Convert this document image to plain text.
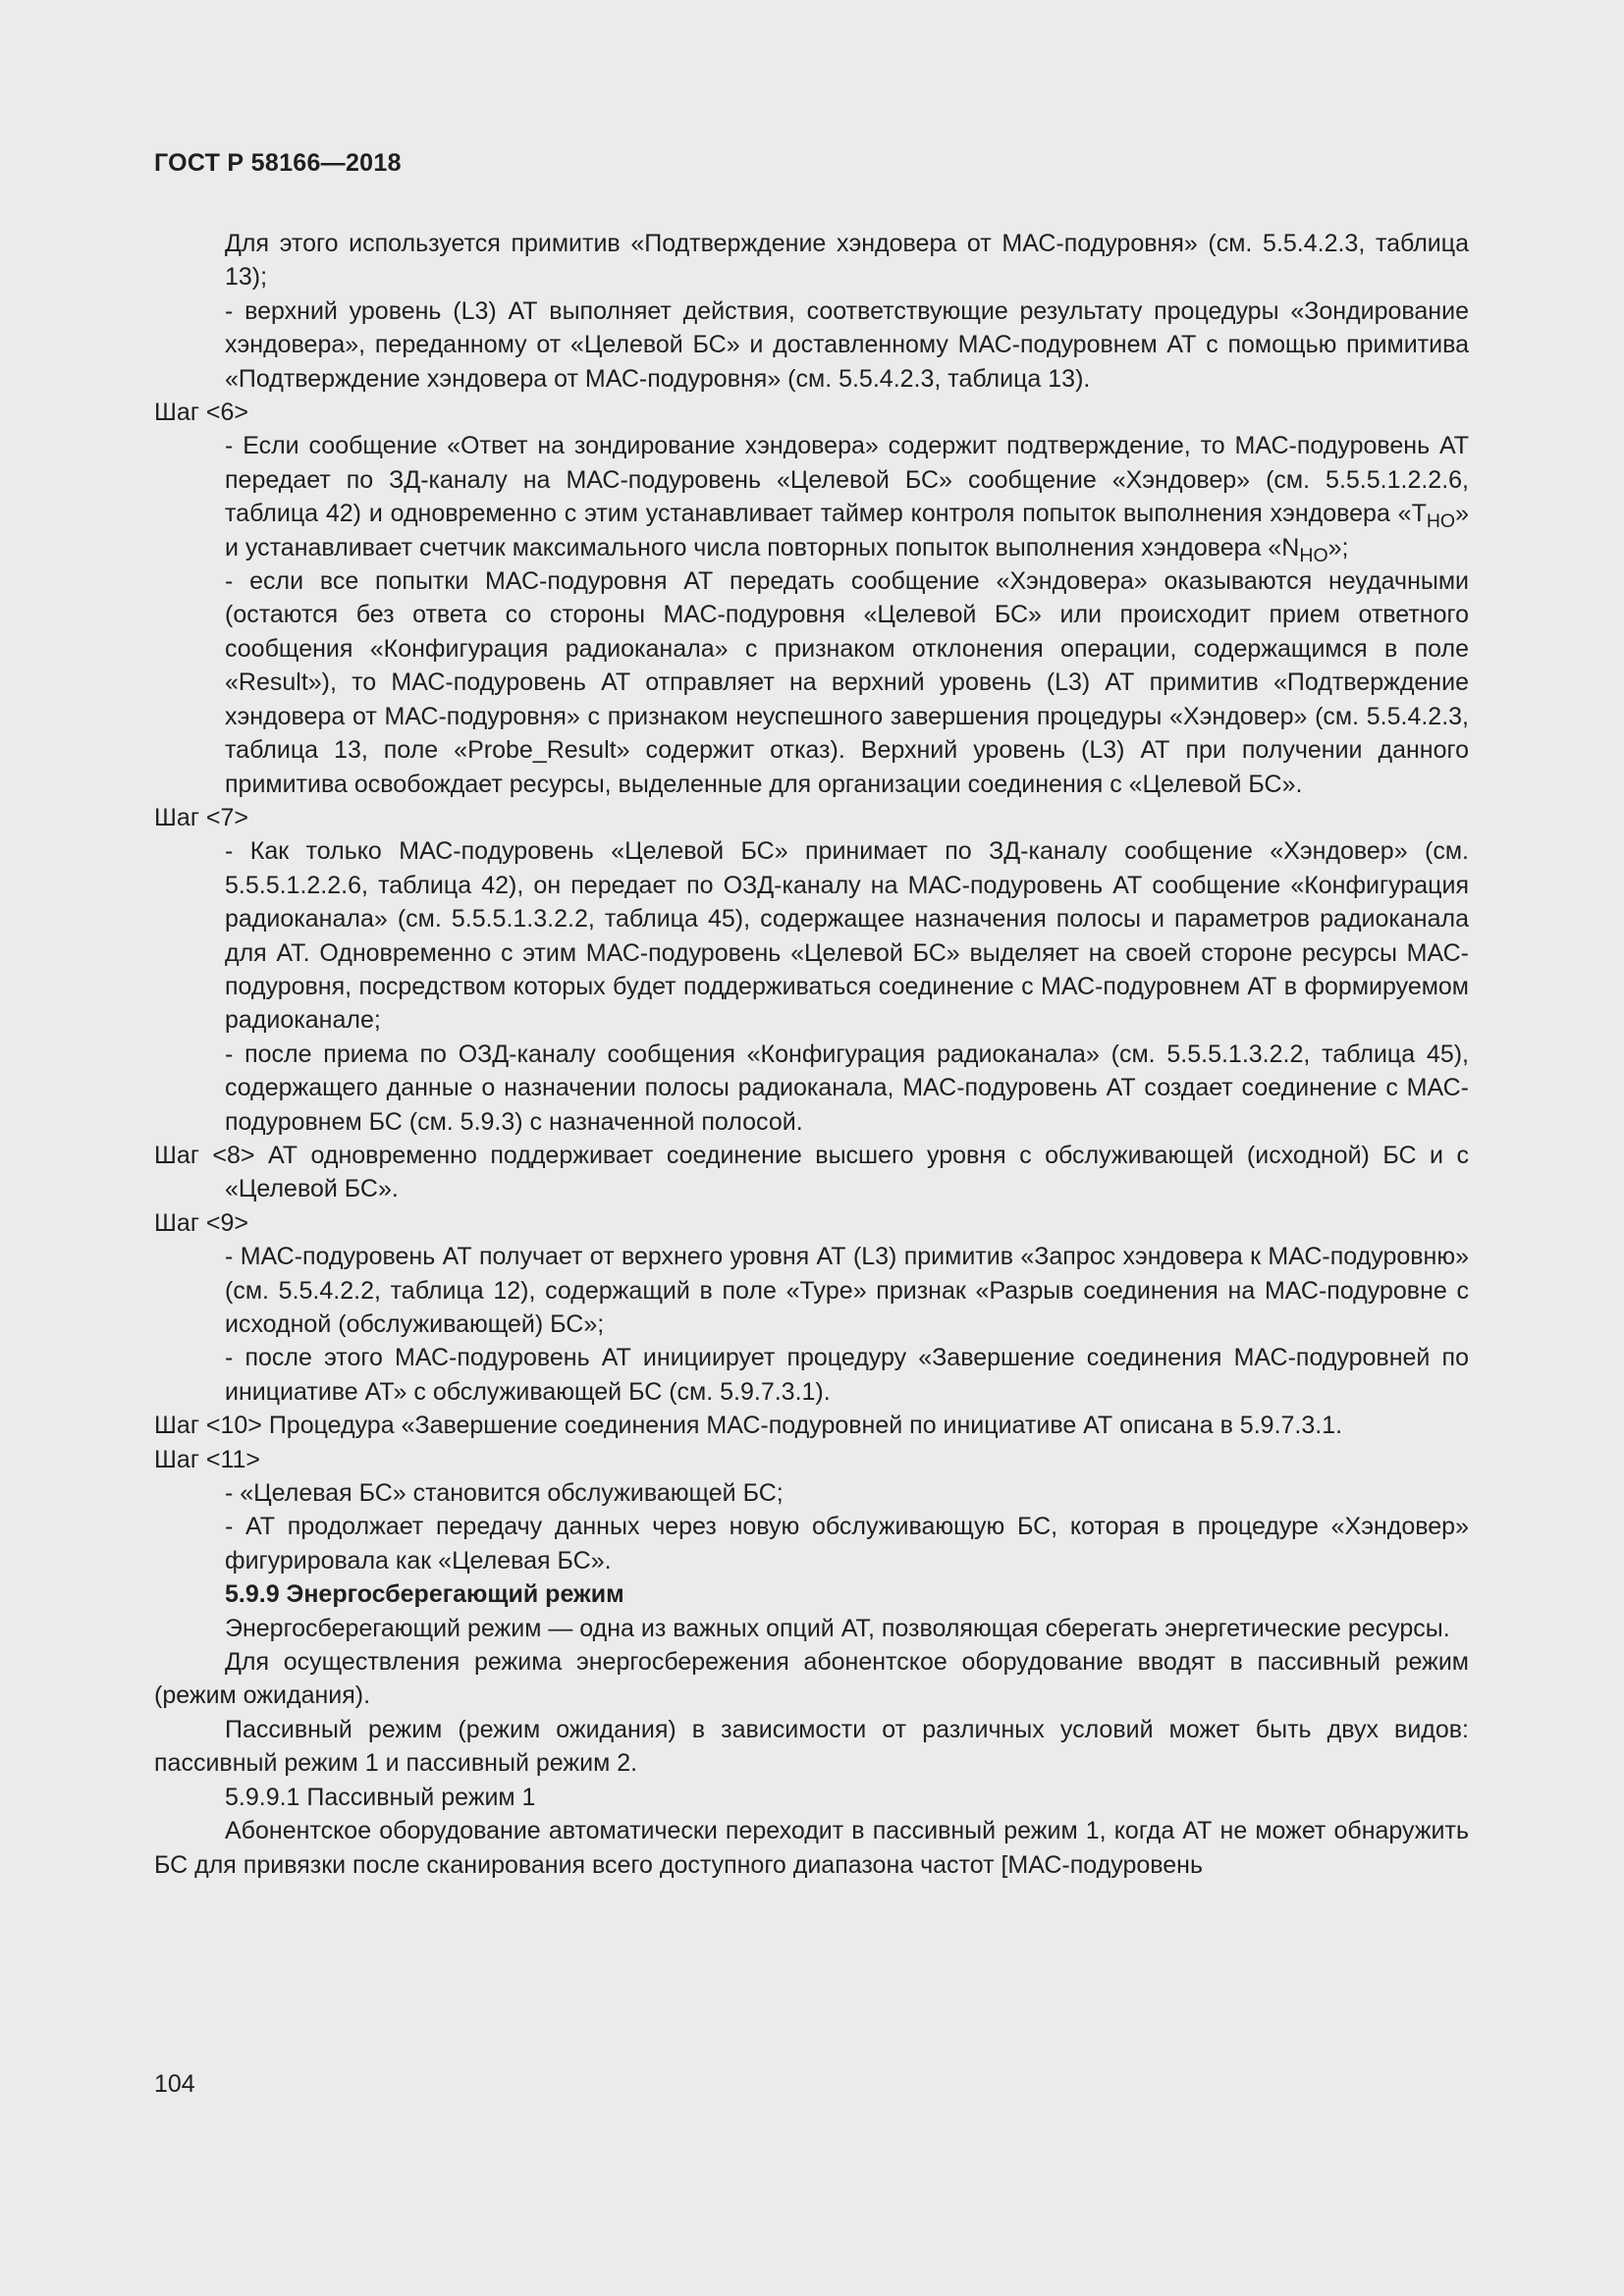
ГОСТ Р 58166—2018

Для этого используется примитив «Подтверждение хэндовера от МАС-подуровня» (см. 5.5.4.2.3, таблица 13);

- верхний уровень (L3) АТ выполняет действия, соответствующие результату процедуры «Зондирование хэндовера», переданному от «Целевой БС» и доставленному МАС-подуровнем АТ с помощью примитива «Подтверждение хэндовера от МАС-подуровня» (см. 5.5.4.2.3, таблица 13).

Шаг <6>

- Если сообщение «Ответ на зондирование хэндовера» содержит подтверждение, то МАС-подуровень АТ передает по ЗД-каналу на МАС-подуровень «Целевой БС» сообщение «Хэндовер» (см. 5.5.5.1.2.2.6, таблица 42) и одновременно с этим устанавливает таймер контроля попыток выполнения хэндовера «$T_{HO}$» и устанавливает счетчик максимального числа повторных попыток выполнения хэндовера «$N_{HO}$»;

- если все попытки МАС-подуровня АТ передать сообщение «Хэндовера» оказываются неудачными (остаются без ответа со стороны МАС-подуровня «Целевой БС» или происходит прием ответного сообщения «Конфигурация радиоканала» с признаком отклонения операции, содержащимся в поле «Result»), то МАС-подуровень АТ отправляет на верхний уровень (L3) АТ примитив «Подтверждение хэндовера от МАС-подуровня» с признаком неуспешного завершения процедуры «Хэндовер» (см. 5.5.4.2.3, таблица 13, поле «Probe_Result» содержит отказ). Верхний уровень (L3) АТ при получении данного примитива освобождает ресурсы, выделенные для организации соединения с «Целевой БС».

Шаг <7>

- Как только МАС-подуровень «Целевой БС» принимает по ЗД-каналу сообщение «Хэндовер» (см. 5.5.5.1.2.2.6, таблица 42), он передает по ОЗД-каналу на МАС-подуровень АТ сообщение «Конфигурация радиоканала» (см. 5.5.5.1.3.2.2, таблица 45), содержащее назначения полосы и параметров радиоканала для АТ. Одновременно с этим МАС-подуровень «Целевой БС» выделяет на своей стороне ресурсы МАС-подуровня, посредством которых будет поддерживаться соединение с МАС-подуровнем АТ в формируемом радиоканале;

- после приема по ОЗД-каналу сообщения «Конфигурация радиоканала» (см. 5.5.5.1.3.2.2, таблица 45), содержащего данные о назначении полосы радиоканала, МАС-подуровень АТ создает соединение с МАС-подуровнем БС (см. 5.9.3) с назначенной полосой.

Шаг <8> АТ одновременно поддерживает соединение высшего уровня с обслуживающей (исходной) БС и с «Целевой БС».

Шаг <9>

- МАС-подуровень АТ получает от верхнего уровня АТ (L3) примитив «Запрос хэндовера к МАС-подуровню» (см. 5.5.4.2.2, таблица 12), содержащий в поле «Type» признак «Разрыв соединения на МАС-подуровне с исходной (обслуживающей) БС»;

- после этого МАС-подуровень АТ инициирует процедуру «Завершение соединения МАС-подуровней по инициативе АТ» с обслуживающей БС (см. 5.9.7.3.1).

Шаг <10> Процедура «Завершение соединения МАС-подуровней по инициативе АТ описана в 5.9.7.3.1.

Шаг <11>

- «Целевая БС» становится обслуживающей БС;

- АТ продолжает передачу данных через новую обслуживающую БС, которая в процедуре «Хэндовер» фигурировала как «Целевая БС».

5.9.9 Энергосберегающий режим

Энергосберегающий режим — одна из важных опций АТ, позволяющая сберегать энергетические ресурсы.

Для осуществления режима энергосбережения абонентское оборудование вводят в пассивный режим (режим ожидания).

Пассивный режим (режим ожидания) в зависимости от различных условий может быть двух видов: пассивный режим 1 и пассивный режим 2.

5.9.9.1 Пассивный режим 1

Абонентское оборудование автоматически переходит в пассивный режим 1, когда АТ не может обнаружить БС для привязки после сканирования всего доступного диапазона частот [МАС-подуровень

104
